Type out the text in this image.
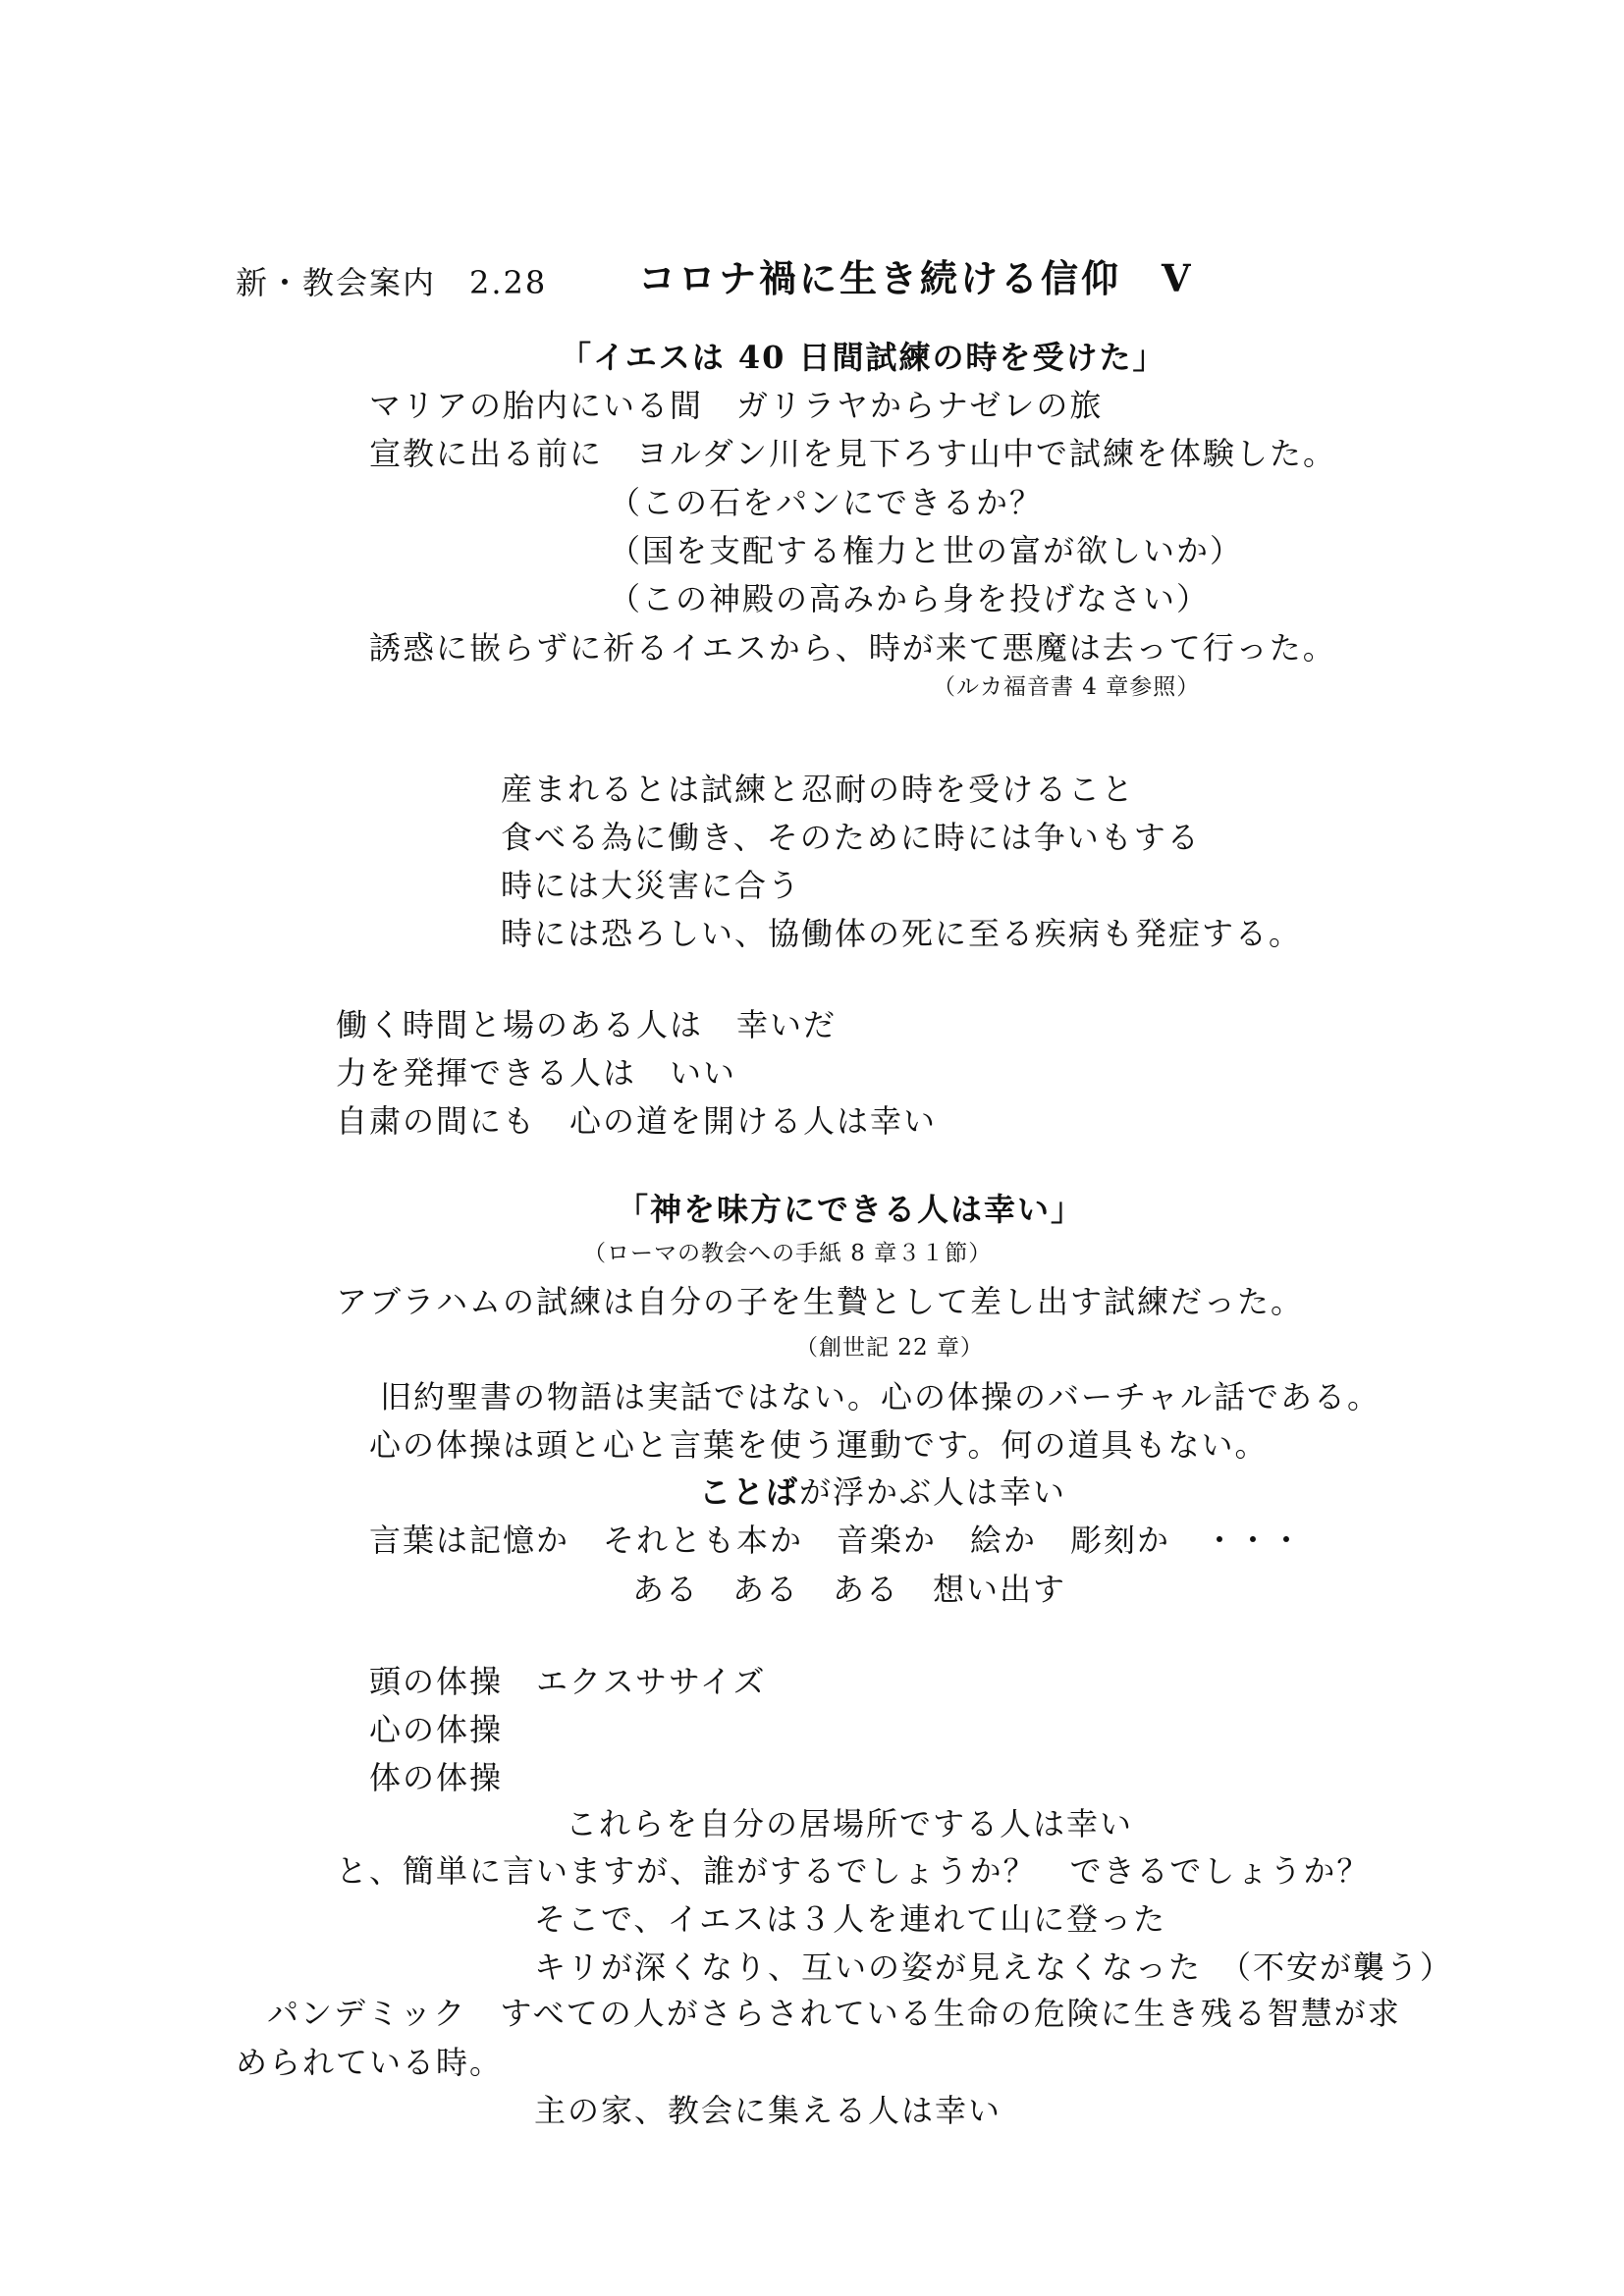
新・教会案内　2.28 コロナ禍に生き続ける信仰　Ⅴ
「イエスは 40 日間試練の時を受けた」
マリアの胎内にいる間　ガリラヤからナゼレの旅
宣教に出る前に　ヨルダン川を見下ろす山中で試練を体験した。
（この石をパンにできるか？
（国を支配する権力と世の富が欲しいか）
（この神殿の高みから身を投げなさい）
誘惑に嵌らずに祈るイエスから、時が来て悪魔は去って行った。
（ルカ福音書 4 章参照）
産まれるとは試練と忍耐の時を受けること
食べる為に働き、そのために時には争いもする
時には大災害に合う
時には恐ろしい、協働体の死に至る疾病も発症する。
働く時間と場のある人は　幸いだ
力を発揮できる人は　いい
自粛の間にも　心の道を開ける人は幸い
「神を味方にできる人は幸い」
（ローマの教会への手紙 8 章３１節）
アブラハムの試練は自分の子を生贄として差し出す試練だった。
（創世記 22 章）
旧約聖書の物語は実話ではない。心の体操のバーチャル話である。
心の体操は頭と心と言葉を使う運動です。何の道具もない。
ことばが浮かぶ人は幸い
言葉は記憶か　それとも本か　音楽か　絵か　彫刻か　・・・
ある　ある　ある　想い出す
頭の体操　エクスササイズ
心の体操
体の体操
これらを自分の居場所でする人は幸い
と、簡単に言いますが、誰がするでしょうか？　できるでしょうか？
そこで、イエスは３人を連れて山に登った
キリが深くなり、互いの姿が見えなくなった　（不安が襲う）
パンデミック　すべての人がさらされている生命の危険に生き残る智慧が求められている時。
主の家、教会に集える人は幸い
